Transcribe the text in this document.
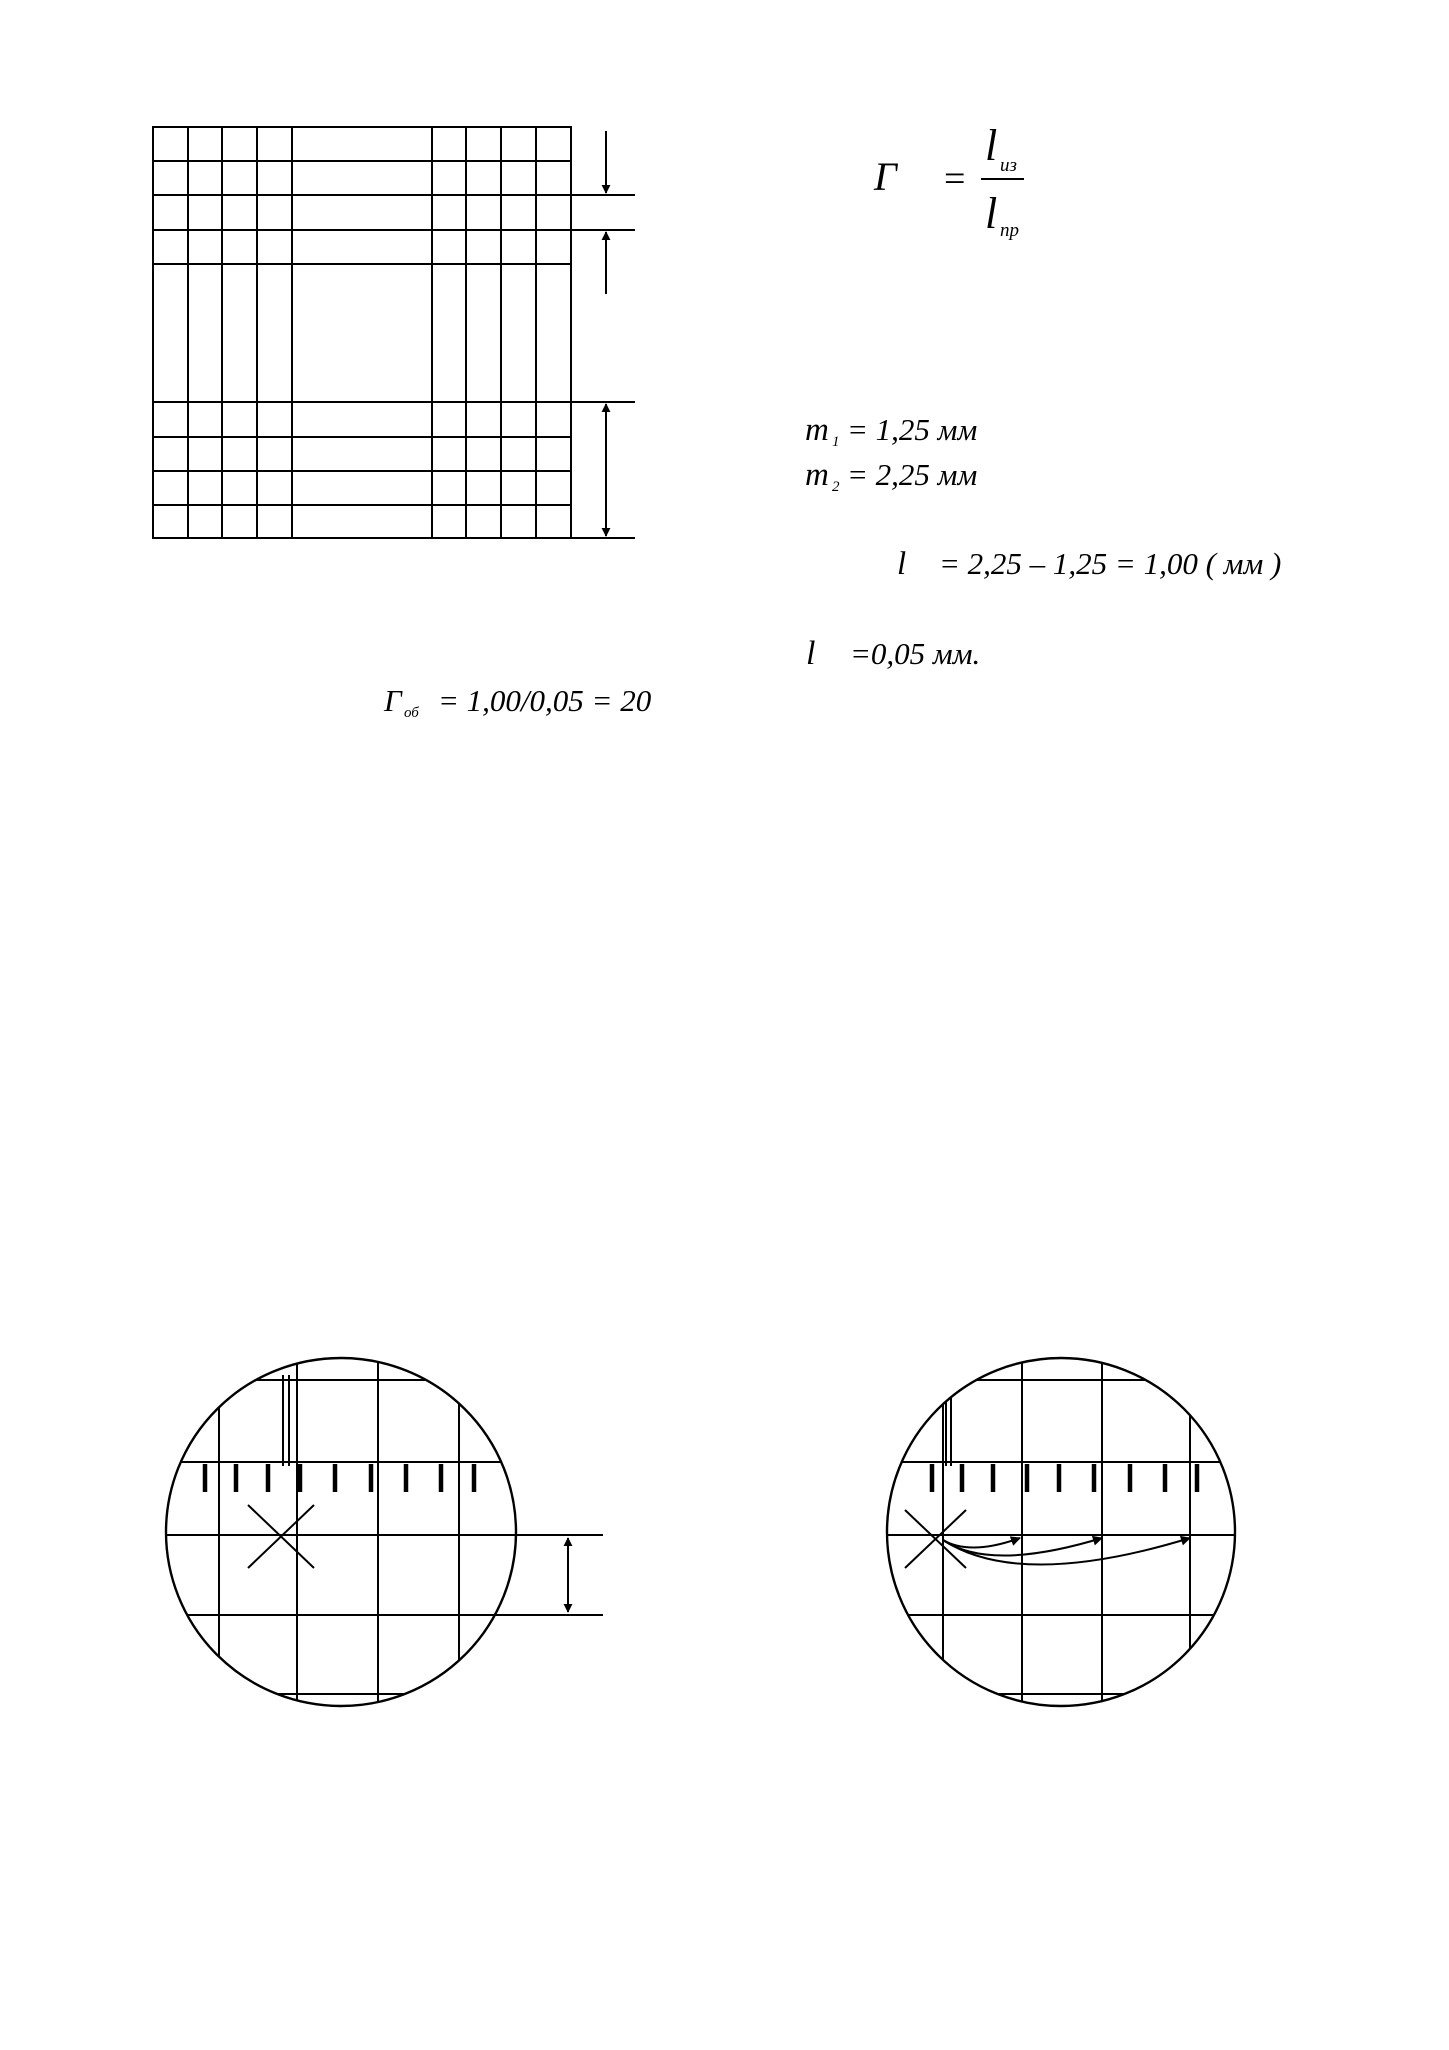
Г =
l из
l пр
m 1 = 1,25 мм
m 2 = 2,25 мм
l = 2,25 – 1,25 = 1,00 ( мм )
l =0,05 мм.
Г об = 1,00/0,05 = 20
